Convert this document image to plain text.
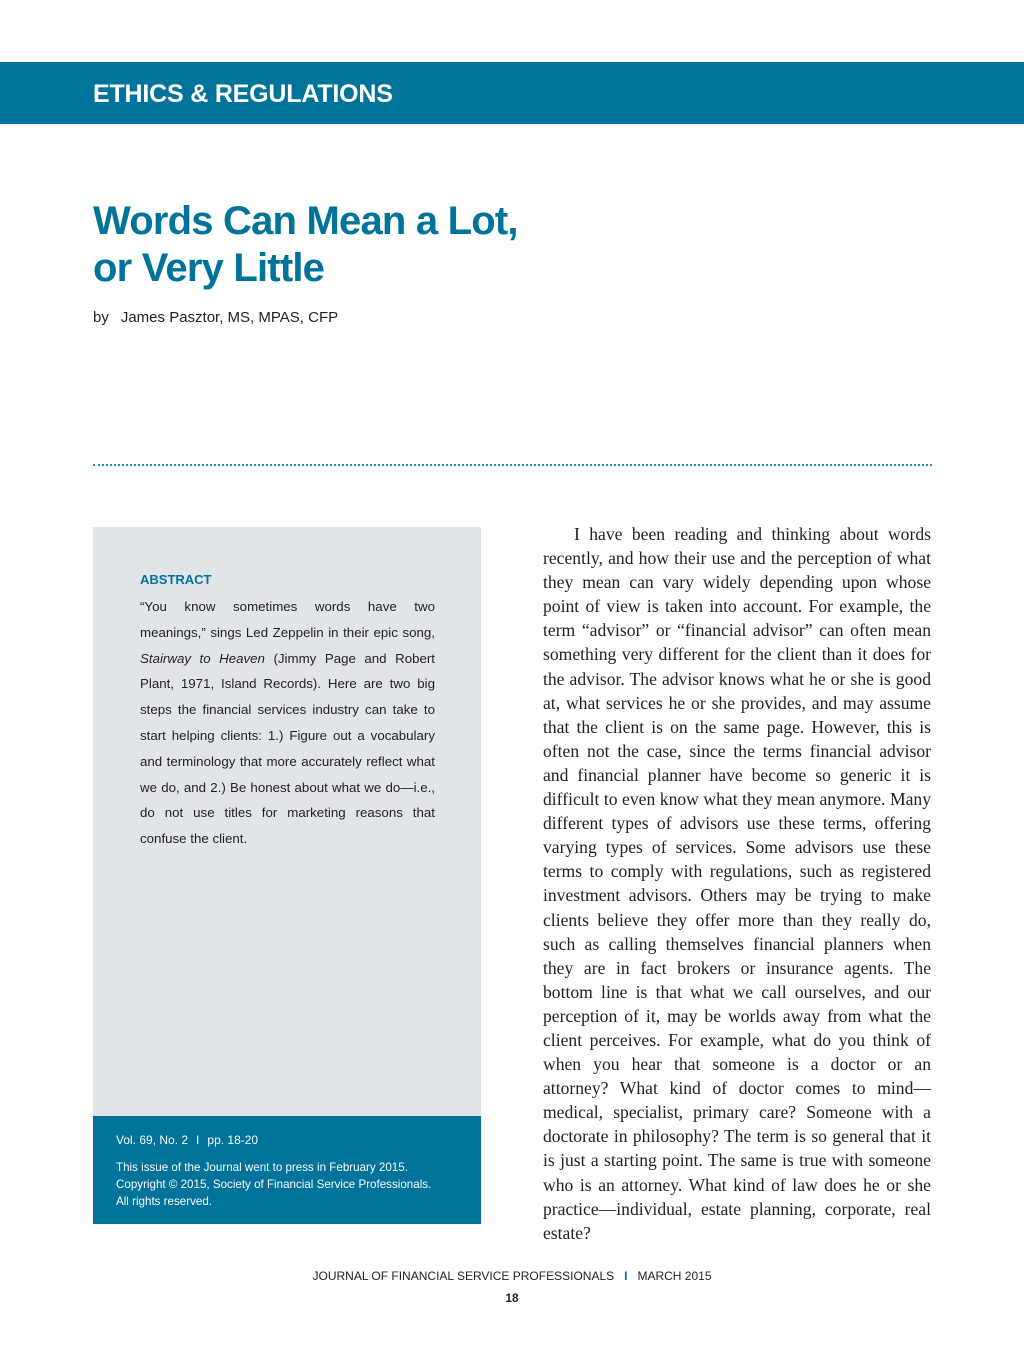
ETHICS & REGULATIONS
Words Can Mean a Lot,
or Very Little
by James Pasztor, MS, MPAS, CFP
ABSTRACT

“You know sometimes words have two meanings,” sings Led Zeppelin in their epic song, Stairway to Heaven (Jimmy Page and Robert Plant, 1971, Island Records). Here are two big steps the financial services industry can take to start helping clients: 1.) Figure out a vocabulary and terminology that more accurately reflect what we do, and 2.) Be honest about what we do—i.e., do not use titles for marketing reasons that confuse the client.

Vol. 69, No. 2 I pp. 18-20

This issue of the Journal went to press in February 2015.
Copyright © 2015, Society of Financial Service Professionals.
All rights reserved.

I have been reading and thinking about words recently, and how their use and the perception of what they mean can vary widely depending upon whose point of view is taken into account. For example, the term “advisor” or “financial advisor” can often mean something very different for the client than it does for the advisor. The advisor knows what he or she is good at, what services he or she provides, and may assume that the client is on the same page. However, this is often not the case, since the terms financial advisor and financial planner have become so generic it is difficult to even know what they mean anymore. Many different types of advisors use these terms, offering varying types of services. Some advisors use these terms to comply with regulations, such as registered investment advisors. Others may be trying to make clients believe they offer more than they really do, such as calling themselves financial planners when they are in fact brokers or insurance agents. The bottom line is that what we call ourselves, and our perception of it, may be worlds away from what the client perceives. For example, what do you think of when you hear that someone is a doctor or an attorney? What kind of doctor comes to mind—medical, specialist, primary care? Someone with a doctorate in philosophy? The term is so general that it is just a starting point. The same is true with someone who is an attorney. What kind of law does he or she practice—individual, estate planning, corporate, real estate?

JOURNAL OF FINANCIAL SERVICE PROFESSIONALS I MARCH 2015
18
